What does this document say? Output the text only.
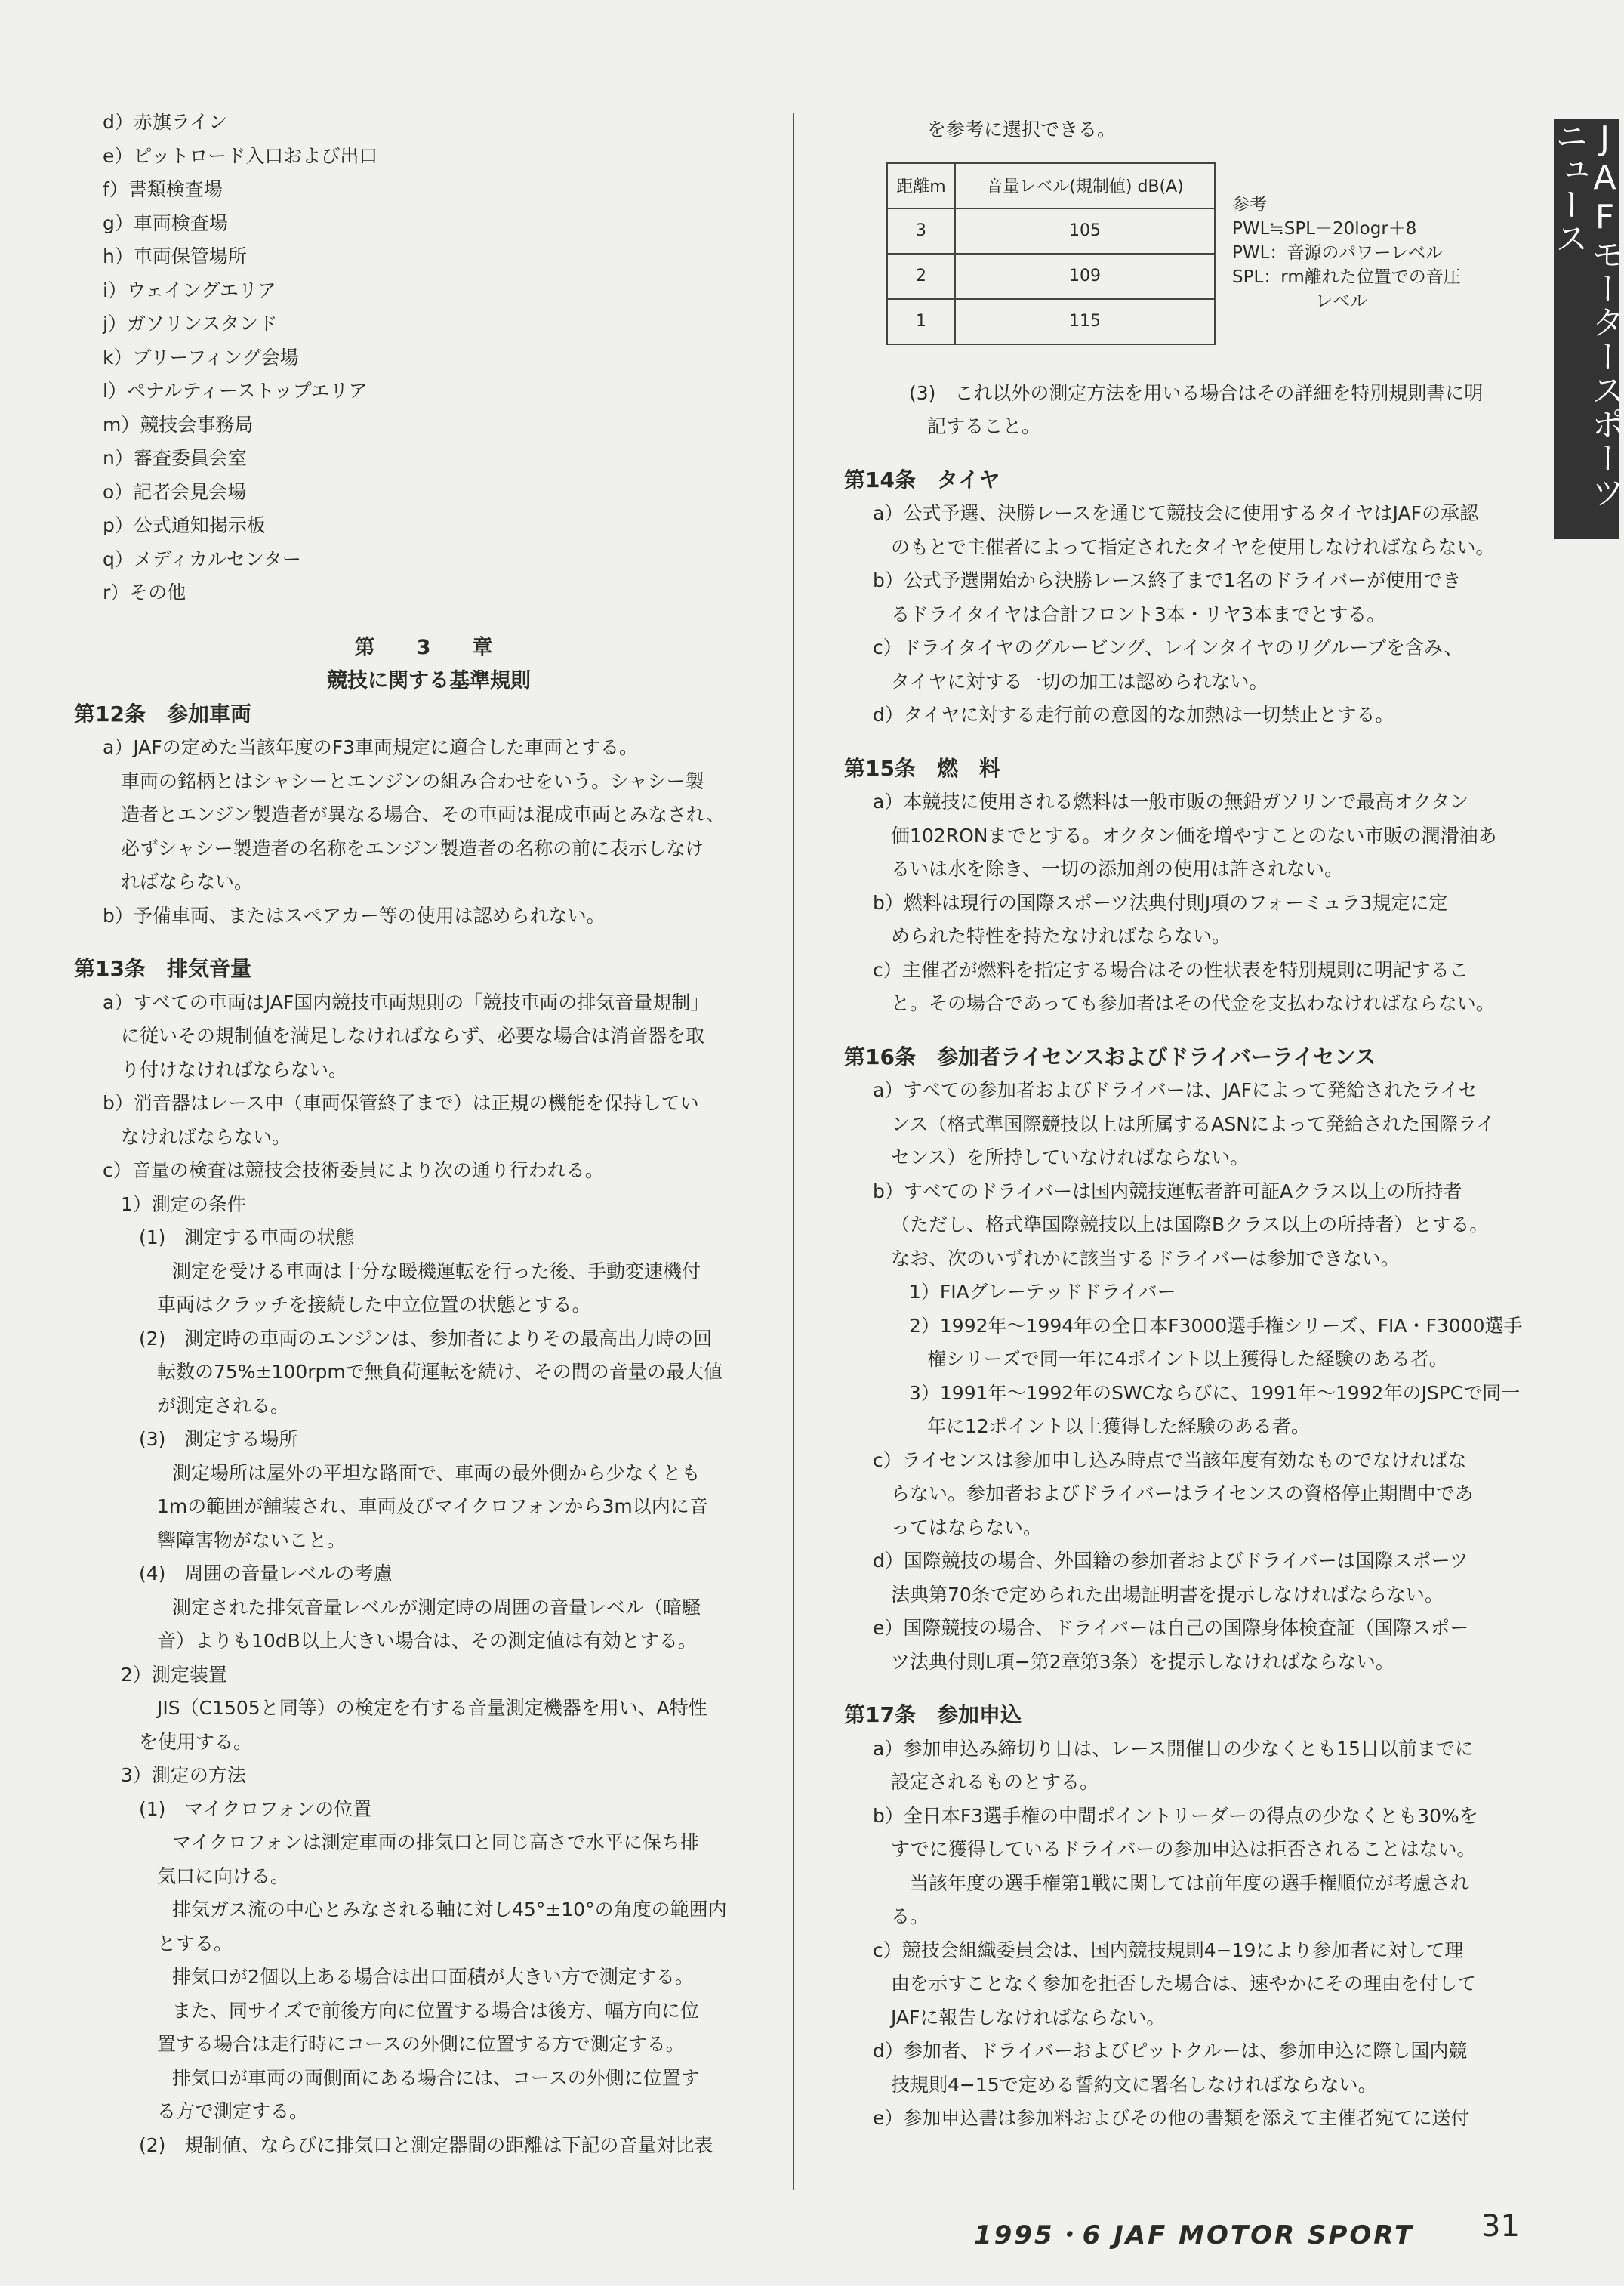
JAFモータースポーツニュース
d）赤旗ライン
e）ピットロード入口および出口
f）書類検査場
g）車両検査場
h）車両保管場所
i）ウェイングエリア
j）ガソリンスタンド
k）ブリーフィング会場
l）ペナルティーストップエリア
m）競技会事務局
n）審査委員会室
o）記者会見会場
p）公式通知掲示板
q）メディカルセンター
r）その他
第　3　章
競技に関する基準規則
第12条　参加車両
a）JAFの定めた当該年度のF3車両規定に適合した車両とする。
車両の銘柄とはシャシーとエンジンの組み合わせをいう。シャシー製
造者とエンジン製造者が異なる場合、その車両は混成車両とみなされ、
必ずシャシー製造者の名称をエンジン製造者の名称の前に表示しなけ
ればならない。
b）予備車両、またはスペアカー等の使用は認められない。
第13条　排気音量
a）すべての車両はJAF国内競技車両規則の「競技車両の排気音量規制」
に従いその規制値を満足しなければならず、必要な場合は消音器を取
り付けなければならない。
b）消音器はレース中（車両保管終了まで）は正規の機能を保持してい
なければならない。
c）音量の検査は競技会技術委員により次の通り行われる。
1）測定の条件
(1)　測定する車両の状態
測定を受ける車両は十分な暖機運転を行った後、手動変速機付
車両はクラッチを接続した中立位置の状態とする。
(2)　測定時の車両のエンジンは、参加者によりその最高出力時の回
転数の75%±100rpmで無負荷運転を続け、その間の音量の最大値
が測定される。
(3)　測定する場所
測定場所は屋外の平坦な路面で、車両の最外側から少なくとも
1mの範囲が舗装され、車両及びマイクロフォンから3m以内に音
響障害物がないこと。
(4)　周囲の音量レベルの考慮
測定された排気音量レベルが測定時の周囲の音量レベル（暗騒
音）よりも10dB以上大きい場合は、その測定値は有効とする。
2）測定装置
JIS（C1505と同等）の検定を有する音量測定機器を用い、A特性
を使用する。
3）測定の方法
(1)　マイクロフォンの位置
マイクロフォンは測定車両の排気口と同じ高さで水平に保ち排
気口に向ける。
排気ガス流の中心とみなされる軸に対し45°±10°の角度の範囲内
とする。
排気口が2個以上ある場合は出口面積が大きい方で測定する。
また、同サイズで前後方向に位置する場合は後方、幅方向に位
置する場合は走行時にコースの外側に位置する方で測定する。
排気口が車両の両側面にある場合には、コースの外側に位置す
る方で測定する。
(2)　規制値、ならびに排気口と測定器間の距離は下記の音量対比表
を参考に選択できる。
距離m	音量レベル(規制値) dB(A)
3	105
2	109
1	115
参考
PWL≒SPL＋20logr＋8
PWL：音源のパワーレベル
SPL：rm離れた位置での音圧
レベル
(3)　これ以外の測定方法を用いる場合はその詳細を特別規則書に明
記すること。
第14条　タイヤ
a）公式予選、決勝レースを通じて競技会に使用するタイヤはJAFの承認
のもとで主催者によって指定されたタイヤを使用しなければならない。
b）公式予選開始から決勝レース終了まで1名のドライバーが使用でき
るドライタイヤは合計フロント3本・リヤ3本までとする。
c）ドライタイヤのグルービング、レインタイヤのリグルーブを含み、
タイヤに対する一切の加工は認められない。
d）タイヤに対する走行前の意図的な加熱は一切禁止とする。
第15条　燃　料
a）本競技に使用される燃料は一般市販の無鉛ガソリンで最高オクタン
価102RONまでとする。オクタン価を増やすことのない市販の潤滑油あ
るいは水を除き、一切の添加剤の使用は許されない。
b）燃料は現行の国際スポーツ法典付則J項のフォーミュラ3規定に定
められた特性を持たなければならない。
c）主催者が燃料を指定する場合はその性状表を特別規則に明記するこ
と。その場合であっても参加者はその代金を支払わなければならない。
第16条　参加者ライセンスおよびドライバーライセンス
a）すべての参加者およびドライバーは、JAFによって発給されたライセ
ンス（格式準国際競技以上は所属するASNによって発給された国際ライ
センス）を所持していなければならない。
b）すべてのドライバーは国内競技運転者許可証Aクラス以上の所持者
（ただし、格式準国際競技以上は国際Bクラス以上の所持者）とする。
なお、次のいずれかに該当するドライバーは参加できない。
1）FIAグレーテッドドライバー
2）1992年〜1994年の全日本F3000選手権シリーズ、FIA・F3000選手
権シリーズで同一年に4ポイント以上獲得した経験のある者。
3）1991年〜1992年のSWCならびに、1991年〜1992年のJSPCで同一
年に12ポイント以上獲得した経験のある者。
c）ライセンスは参加申し込み時点で当該年度有効なものでなければな
らない。参加者およびドライバーはライセンスの資格停止期間中であ
ってはならない。
d）国際競技の場合、外国籍の参加者およびドライバーは国際スポーツ
法典第70条で定められた出場証明書を提示しなければならない。
e）国際競技の場合、ドライバーは自己の国際身体検査証（国際スポー
ツ法典付則L項−第2章第3条）を提示しなければならない。
第17条　参加申込
a）参加申込み締切り日は、レース開催日の少なくとも15日以前までに
設定されるものとする。
b）全日本F3選手権の中間ポイントリーダーの得点の少なくとも30%を
すでに獲得しているドライバーの参加申込は拒否されることはない。
　当該年度の選手権第1戦に関しては前年度の選手権順位が考慮され
る。
c）競技会組織委員会は、国内競技規則4−19により参加者に対して理
由を示すことなく参加を拒否した場合は、速やかにその理由を付して
JAFに報告しなければならない。
d）参加者、ドライバーおよびピットクルーは、参加申込に際し国内競
技規則4−15で定める誓約文に署名しなければならない。
e）参加申込書は参加料およびその他の書類を添えて主催者宛てに送付
1995・6 JAF MOTOR SPORT 31
